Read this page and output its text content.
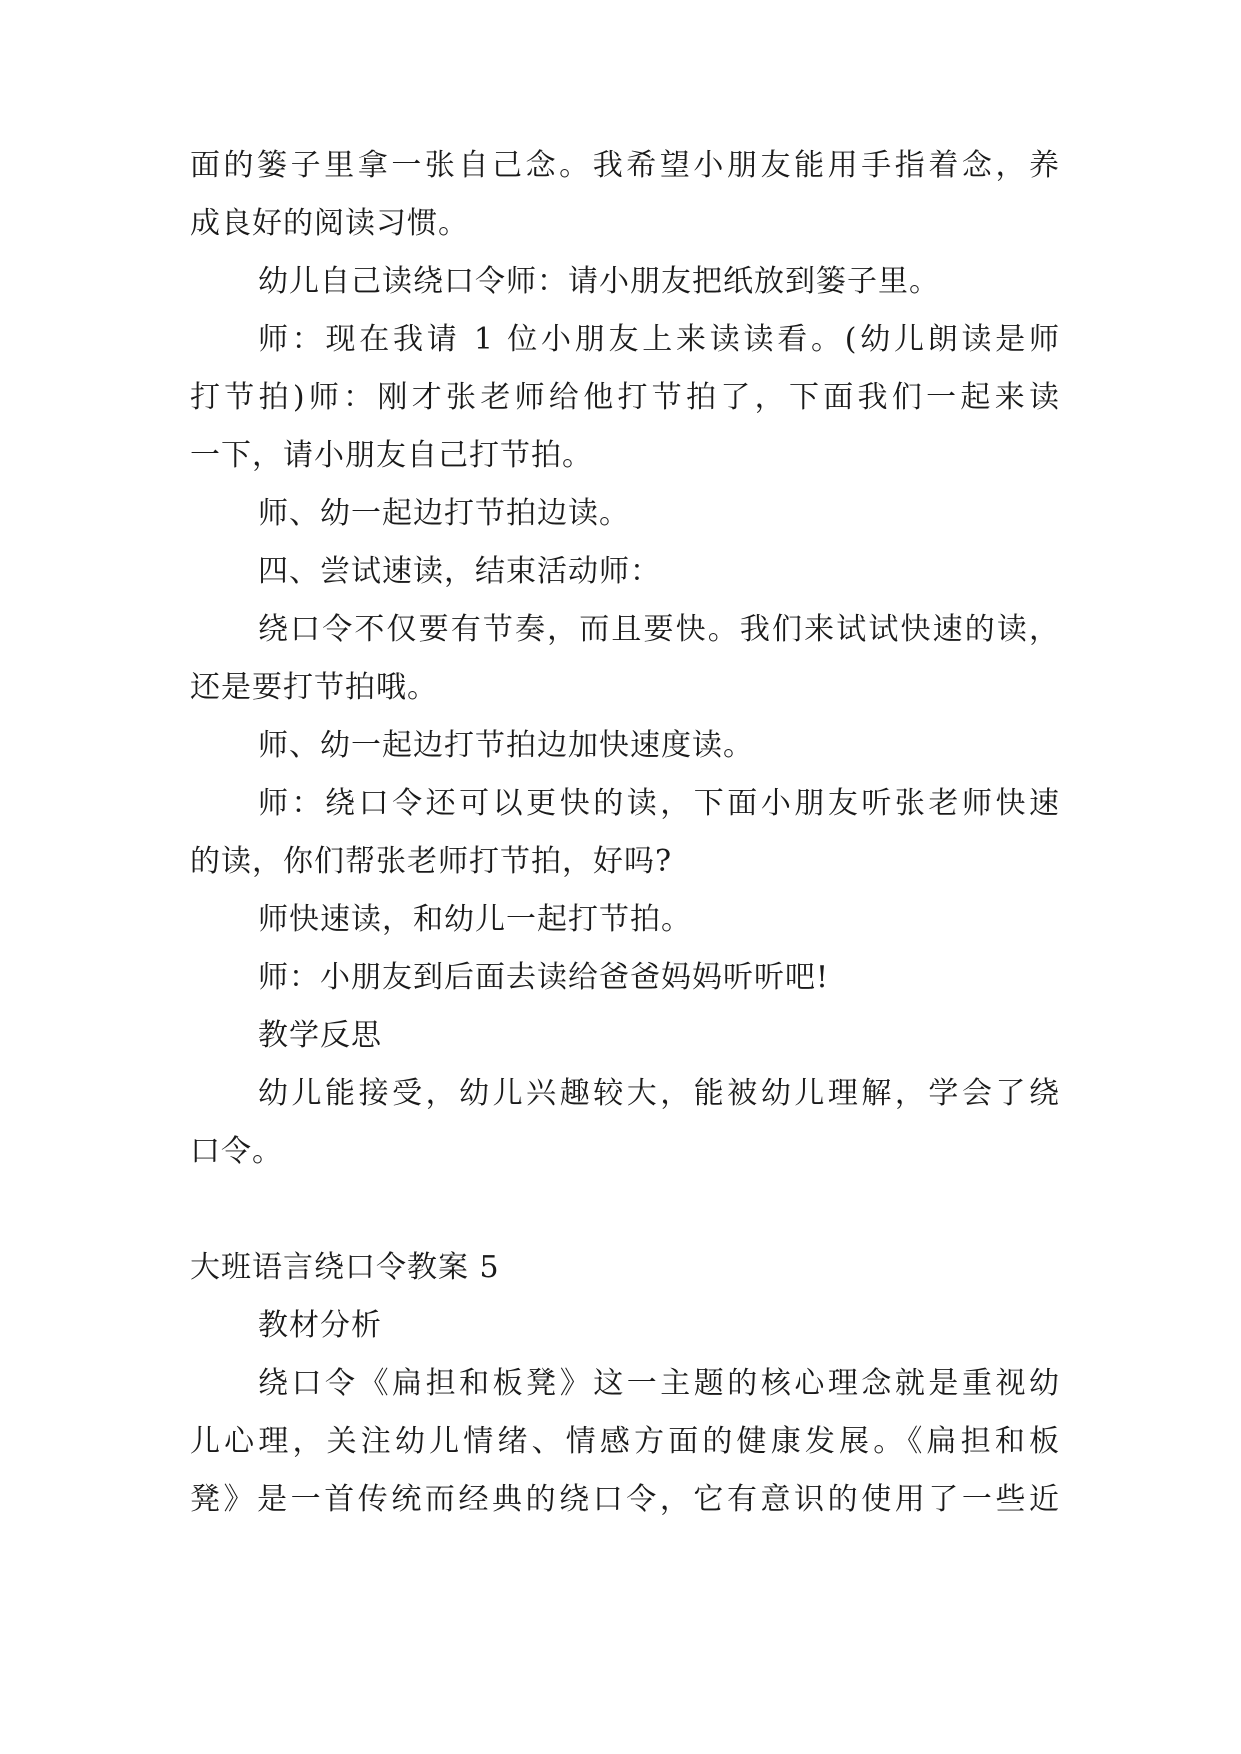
面的篓子里拿一张自己念。我希望小朋友能用手指着念，养
成良好的阅读习惯。
幼儿自己读绕口令师：请小朋友把纸放到篓子里。
师：现在我请 1 位小朋友上来读读看。(幼儿朗读是师
打节拍)师：刚才张老师给他打节拍了，下面我们一起来读
一下，请小朋友自己打节拍。
师、幼一起边打节拍边读。
四、尝试速读，结束活动师：
绕口令不仅要有节奏，而且要快。我们来试试快速的读，
还是要打节拍哦。
师、幼一起边打节拍边加快速度读。
师：绕口令还可以更快的读，下面小朋友听张老师快速
的读，你们帮张老师打节拍，好吗?
师快速读，和幼儿一起打节拍。
师：小朋友到后面去读给爸爸妈妈听听吧!
教学反思
幼儿能接受，幼儿兴趣较大，能被幼儿理解，学会了绕
口令。
大班语言绕口令教案 5
教材分析
绕口令《扁担和板凳》这一主题的核心理念就是重视幼
儿心理，关注幼儿情绪、情感方面的健康发展。《扁担和板
凳》是一首传统而经典的绕口令，它有意识的使用了一些近
